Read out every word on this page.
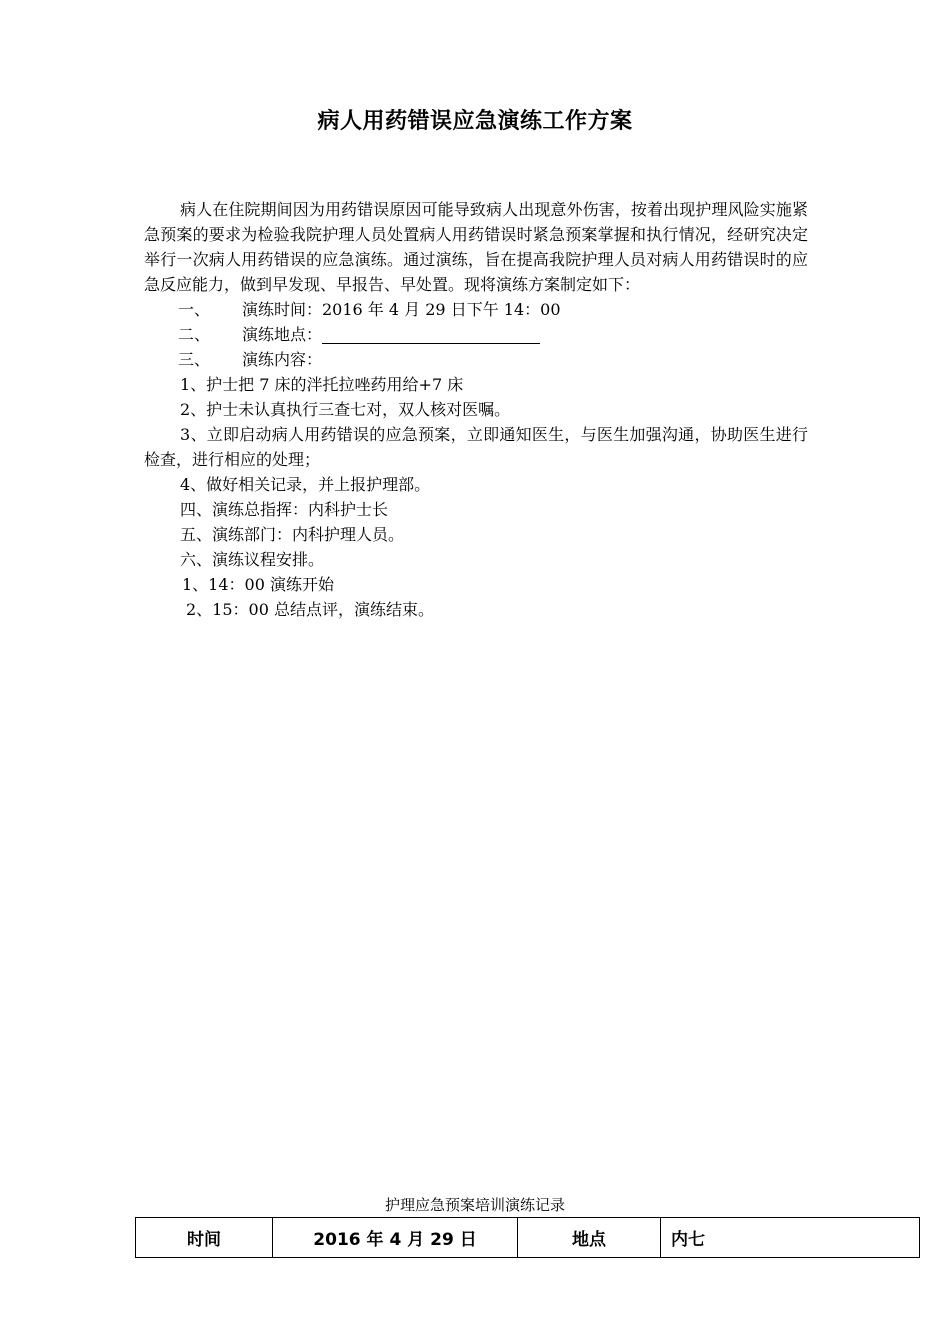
病人用药错误应急演练工作方案

病人在住院期间因为用药错误原因可能导致病人出现意外伤害，按着出现护理风险实施紧急预案的要求为检验我院护理人员处置病人用药错误时紧急预案掌握和执行情况，经研究决定举行一次病人用药错误的应急演练。通过演练，旨在提高我院护理人员对病人用药错误时的应急反应能力，做到早发现、早报告、早处置。现将演练方案制定如下：

一、 演练时间：2016 年 4 月 29 日下午 14：00

二、 演练地点：

三、 演练内容：

1、护士把 7 床的泮托拉唑药用给+7 床

2、护士未认真执行三查七对，双人核对医嘱。

3、立即启动病人用药错误的应急预案，立即通知医生，与医生加强沟通，协助医生进行检查，进行相应的处理；

4、做好相关记录，并上报护理部。

四、演练总指挥：内科护士长

五、演练部门：内科护理人员。

六、演练议程安排。

1、14：00 演练开始

2、15：00 总结点评，演练结束。

护理应急预案培训演练记录
时间	2016 年 4 月 29 日	地点	内七
